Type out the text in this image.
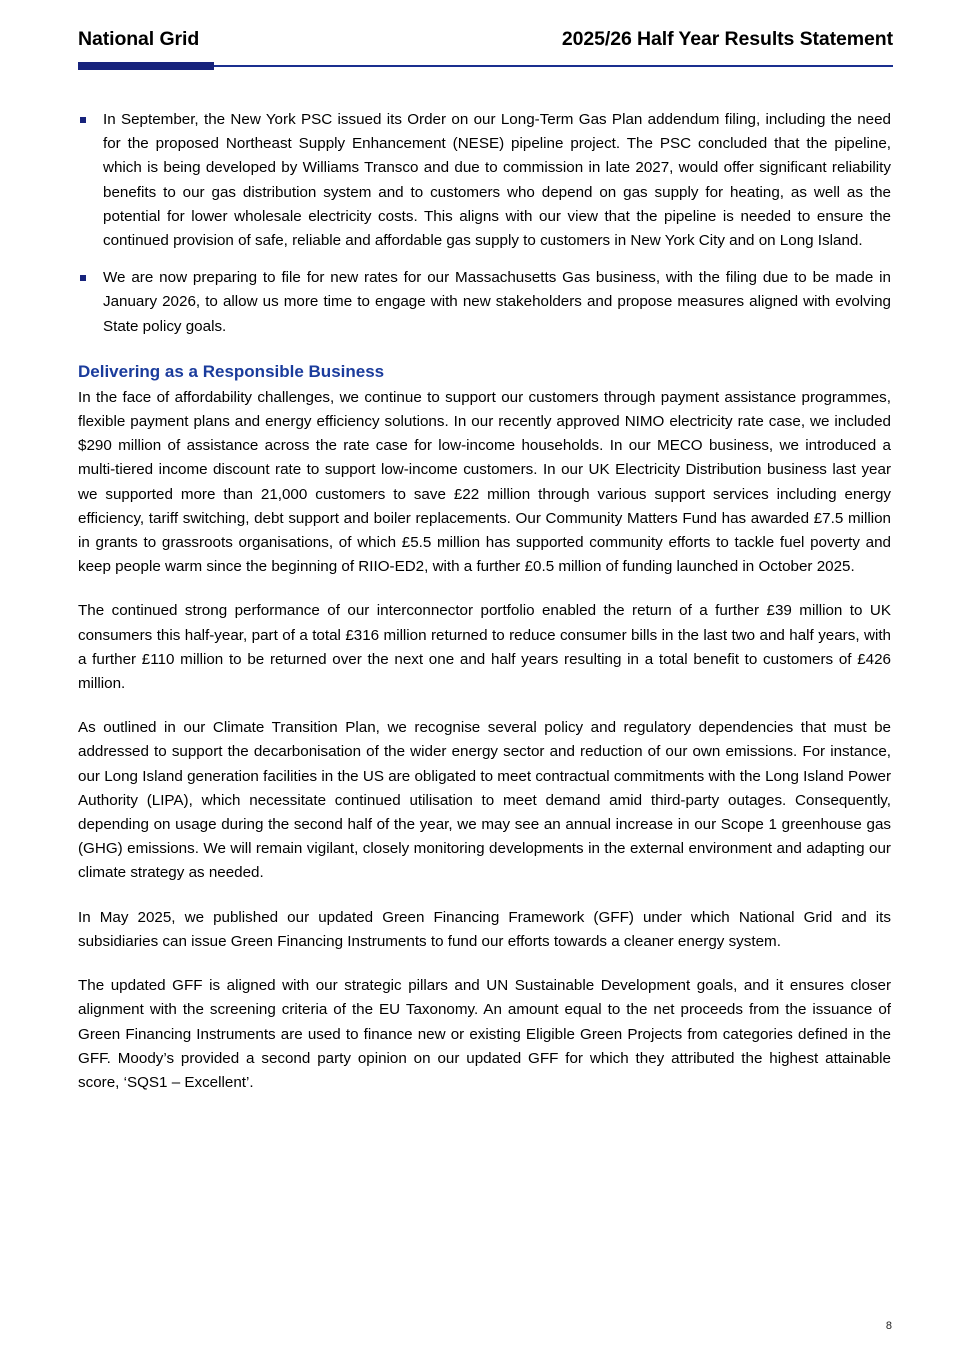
National Grid	2025/26 Half Year Results Statement
In September, the New York PSC issued its Order on our Long-Term Gas Plan addendum filing, including the need for the proposed Northeast Supply Enhancement (NESE) pipeline project. The PSC concluded that the pipeline, which is being developed by Williams Transco and due to commission in late 2027, would offer significant reliability benefits to our gas distribution system and to customers who depend on gas supply for heating, as well as the potential for lower wholesale electricity costs. This aligns with our view that the pipeline is needed to ensure the continued provision of safe, reliable and affordable gas supply to customers in New York City and on Long Island.
We are now preparing to file for new rates for our Massachusetts Gas business, with the filing due to be made in January 2026, to allow us more time to engage with new stakeholders and propose measures aligned with evolving State policy goals.
Delivering as a Responsible Business

In the face of affordability challenges, we continue to support our customers through payment assistance programmes, flexible payment plans and energy efficiency solutions. In our recently approved NIMO electricity rate case, we included $290 million of assistance across the rate case for low-income households. In our MECO business, we introduced a multi-tiered income discount rate to support low-income customers. In our UK Electricity Distribution business last year we supported more than 21,000 customers to save £22 million through various support services including energy efficiency, tariff switching, debt support and boiler replacements. Our Community Matters Fund has awarded £7.5 million in grants to grassroots organisations, of which £5.5 million has supported community efforts to tackle fuel poverty and keep people warm since the beginning of RIIO-ED2, with a further £0.5 million of funding launched in October 2025.

The continued strong performance of our interconnector portfolio enabled the return of a further £39 million to UK consumers this half-year, part of a total £316 million returned to reduce consumer bills in the last two and half years, with a further £110 million to be returned over the next one and half years resulting in a total benefit to customers of £426 million.

As outlined in our Climate Transition Plan, we recognise several policy and regulatory dependencies that must be addressed to support the decarbonisation of the wider energy sector and reduction of our own emissions. For instance, our Long Island generation facilities in the US are obligated to meet contractual commitments with the Long Island Power Authority (LIPA), which necessitate continued utilisation to meet demand amid third-party outages. Consequently, depending on usage during the second half of the year, we may see an annual increase in our Scope 1 greenhouse gas (GHG) emissions. We will remain vigilant, closely monitoring developments in the external environment and adapting our climate strategy as needed.

In May 2025, we published our updated Green Financing Framework (GFF) under which National Grid and its subsidiaries can issue Green Financing Instruments to fund our efforts towards a cleaner energy system.

The updated GFF is aligned with our strategic pillars and UN Sustainable Development goals, and it ensures closer alignment with the screening criteria of the EU Taxonomy. An amount equal to the net proceeds from the issuance of Green Financing Instruments are used to finance new or existing Eligible Green Projects from categories defined in the GFF. Moody’s provided a second party opinion on our updated GFF for which they attributed the highest attainable score, ‘SQS1 – Excellent’.

8
